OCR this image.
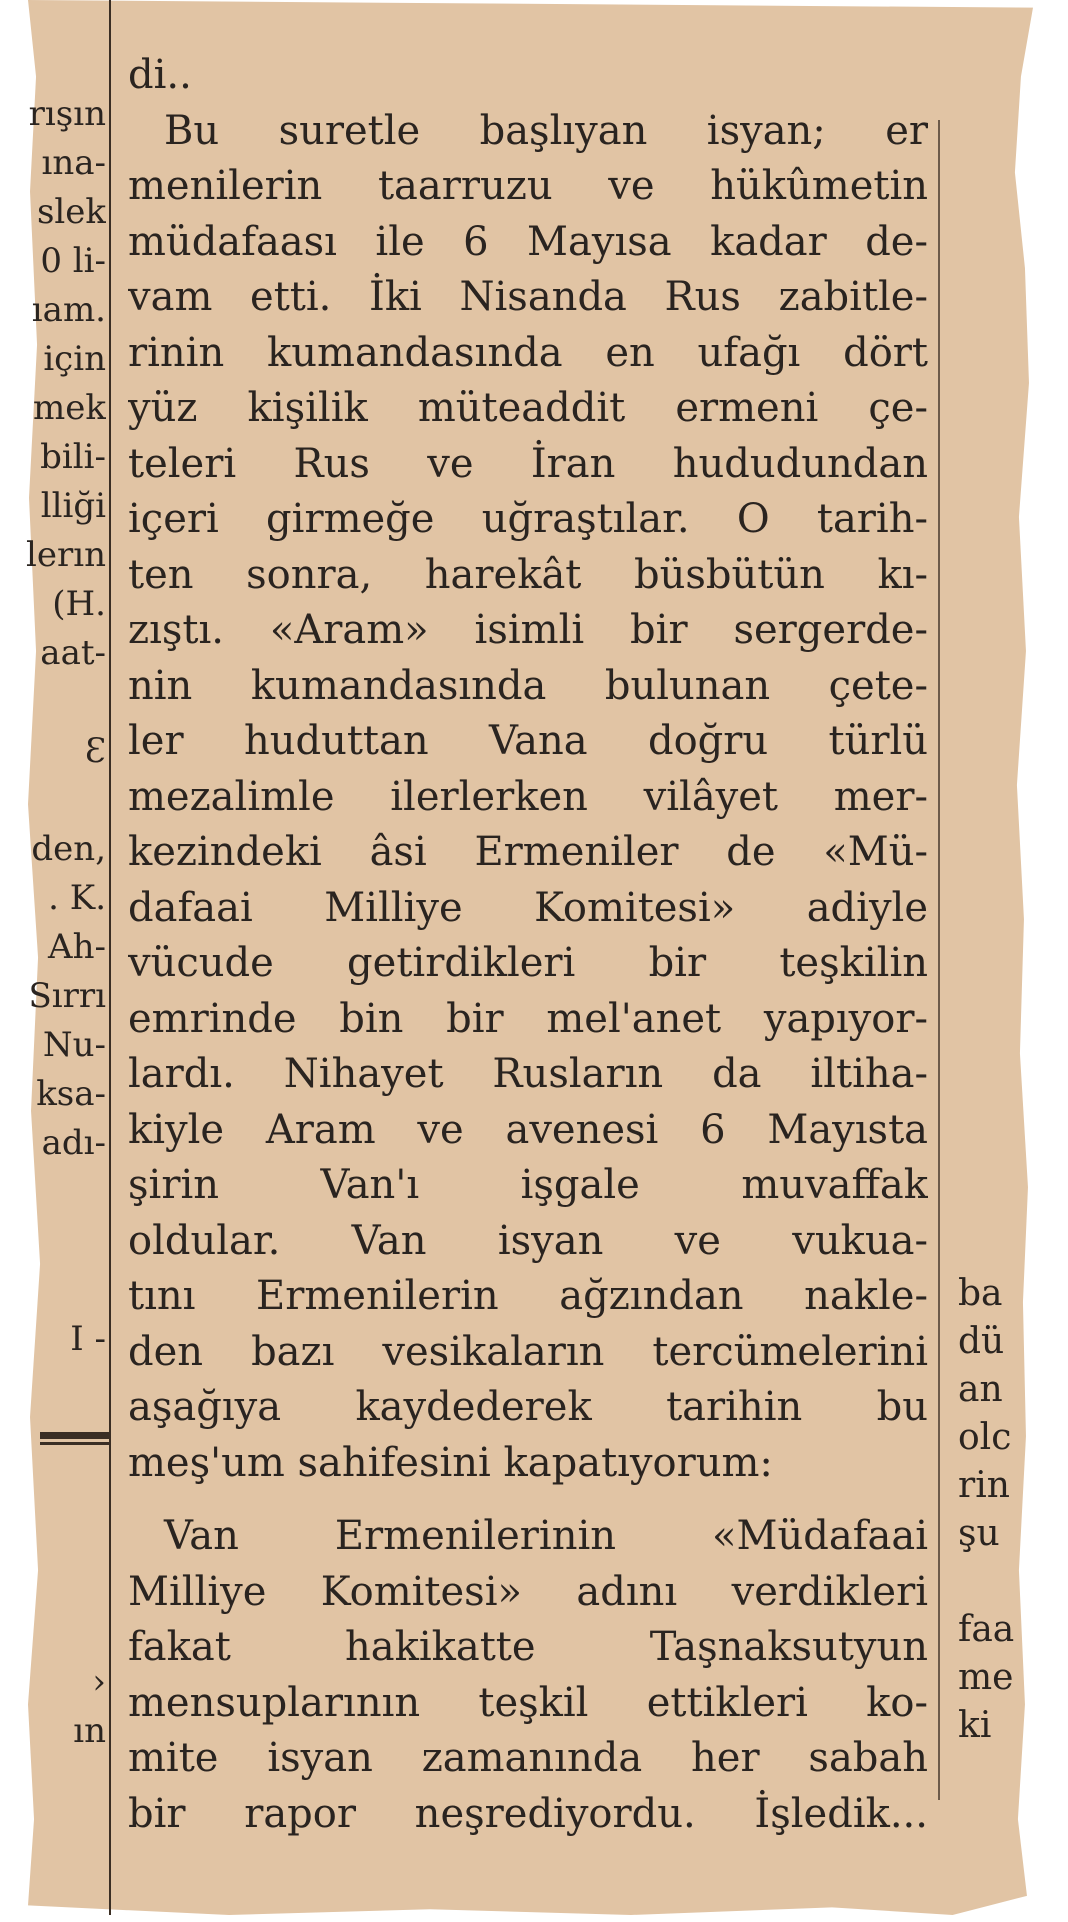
rışın
ına-
slek
0 li-
ıam.
için
mek
bili-
lliği
lerın
(H.
aat-
Ɛ
den,
. K.
Ah-
Sırrı
Nu-
ksa-
adı-
I -
›
ın
di..
Bu suretle başlıyan isyan; er
menilerin taarruzu ve hükûmetin
müdafaası ile 6 Mayısa kadar de-
vam etti. İki Nisanda Rus zabitle-
rinin kumandasında en ufağı dört
yüz kişilik müteaddit ermeni çe-
teleri Rus ve İran hududundan
içeri girmeğe uğraştılar. O tarih-
ten sonra, harekât büsbütün kı-
zıştı. «Aram» isimli bir sergerde-
nin kumandasında bulunan çete-
ler huduttan Vana doğru türlü
mezalimle ilerlerken vilâyet mer-
kezindeki âsi Ermeniler de «Mü-
dafaai Milliye Komitesi» adiyle
vücude getirdikleri bir teşkilin
emrinde bin bir mel'anet yapıyor-
lardı. Nihayet Rusların da iltiha-
kiyle Aram ve avenesi 6 Mayısta
şirin Van'ı işgale muvaffak
oldular. Van isyan ve vukua-
tını Ermenilerin ağzından nakle-
den bazı vesikaların tercümelerini
aşağıya kaydederek tarihin bu
meş'um sahifesini kapatıyorum:
Van Ermenilerinin «Müdafaai
Milliye Komitesi» adını verdikleri
fakat hakikatte Taşnaksutyun
mensuplarının teşkil ettikleri ko-
mite isyan zamanında her sabah
bir rapor neşrediyordu. İşledik...
ba
dü
an
olc
rin
şu
faa
me
ki
